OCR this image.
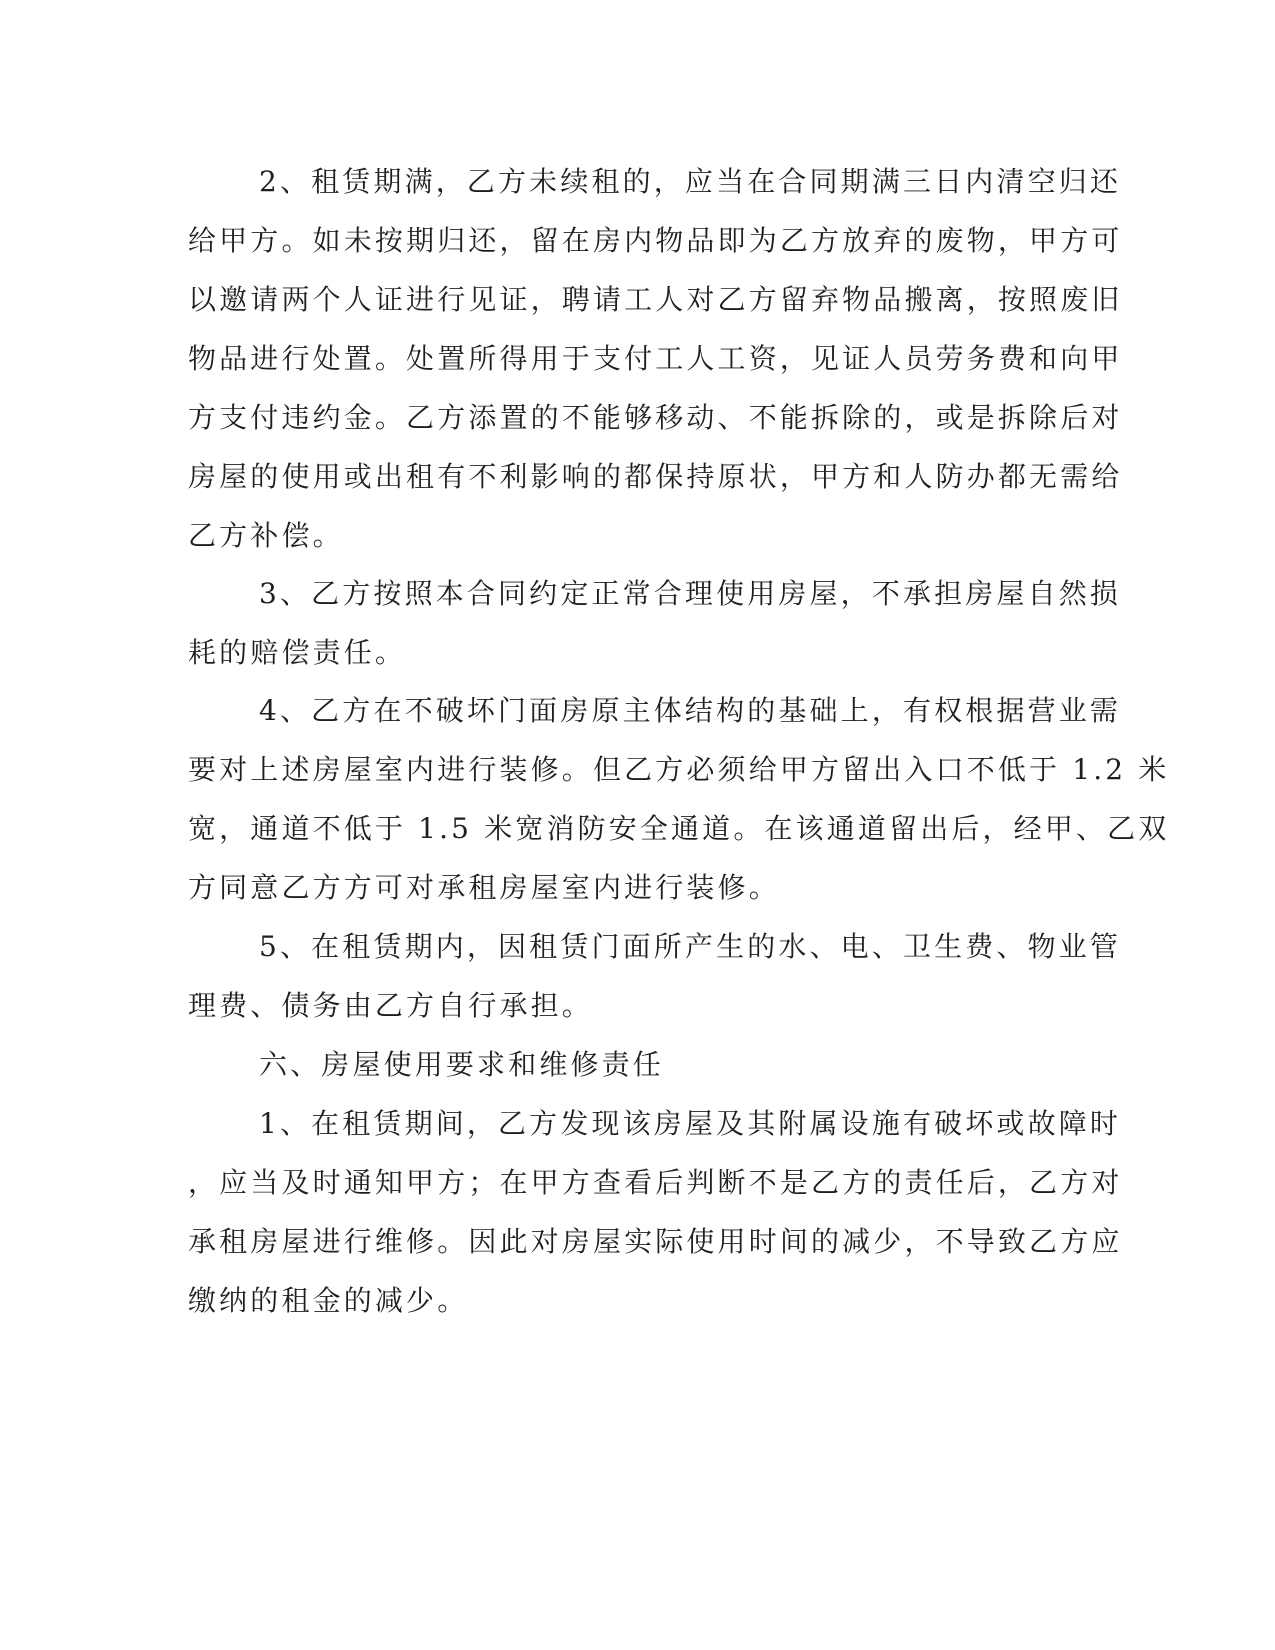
2、租赁期满，乙方未续租的，应当在合同期满三日内清空归还
给甲方。如未按期归还，留在房内物品即为乙方放弃的废物，甲方可
以邀请两个人证进行见证，聘请工人对乙方留弃物品搬离，按照废旧
物品进行处置。处置所得用于支付工人工资，见证人员劳务费和向甲
方支付违约金。乙方添置的不能够移动、不能拆除的，或是拆除后对
房屋的使用或出租有不利影响的都保持原状，甲方和人防办都无需给
乙方补偿。
3、乙方按照本合同约定正常合理使用房屋，不承担房屋自然损
耗的赔偿责任。
4、乙方在不破坏门面房原主体结构的基础上，有权根据营业需
要对上述房屋室内进行装修。但乙方必须给甲方留出入口不低于 1.2 米
宽，通道不低于 1.5 米宽消防安全通道。在该通道留出后，经甲、乙双
方同意乙方方可对承租房屋室内进行装修。
5、在租赁期内，因租赁门面所产生的水、电、卫生费、物业管
理费、债务由乙方自行承担。
六、房屋使用要求和维修责任
1、在租赁期间，乙方发现该房屋及其附属设施有破坏或故障时
，应当及时通知甲方；在甲方查看后判断不是乙方的责任后，乙方对
承租房屋进行维修。因此对房屋实际使用时间的减少，不导致乙方应
缴纳的租金的减少。
